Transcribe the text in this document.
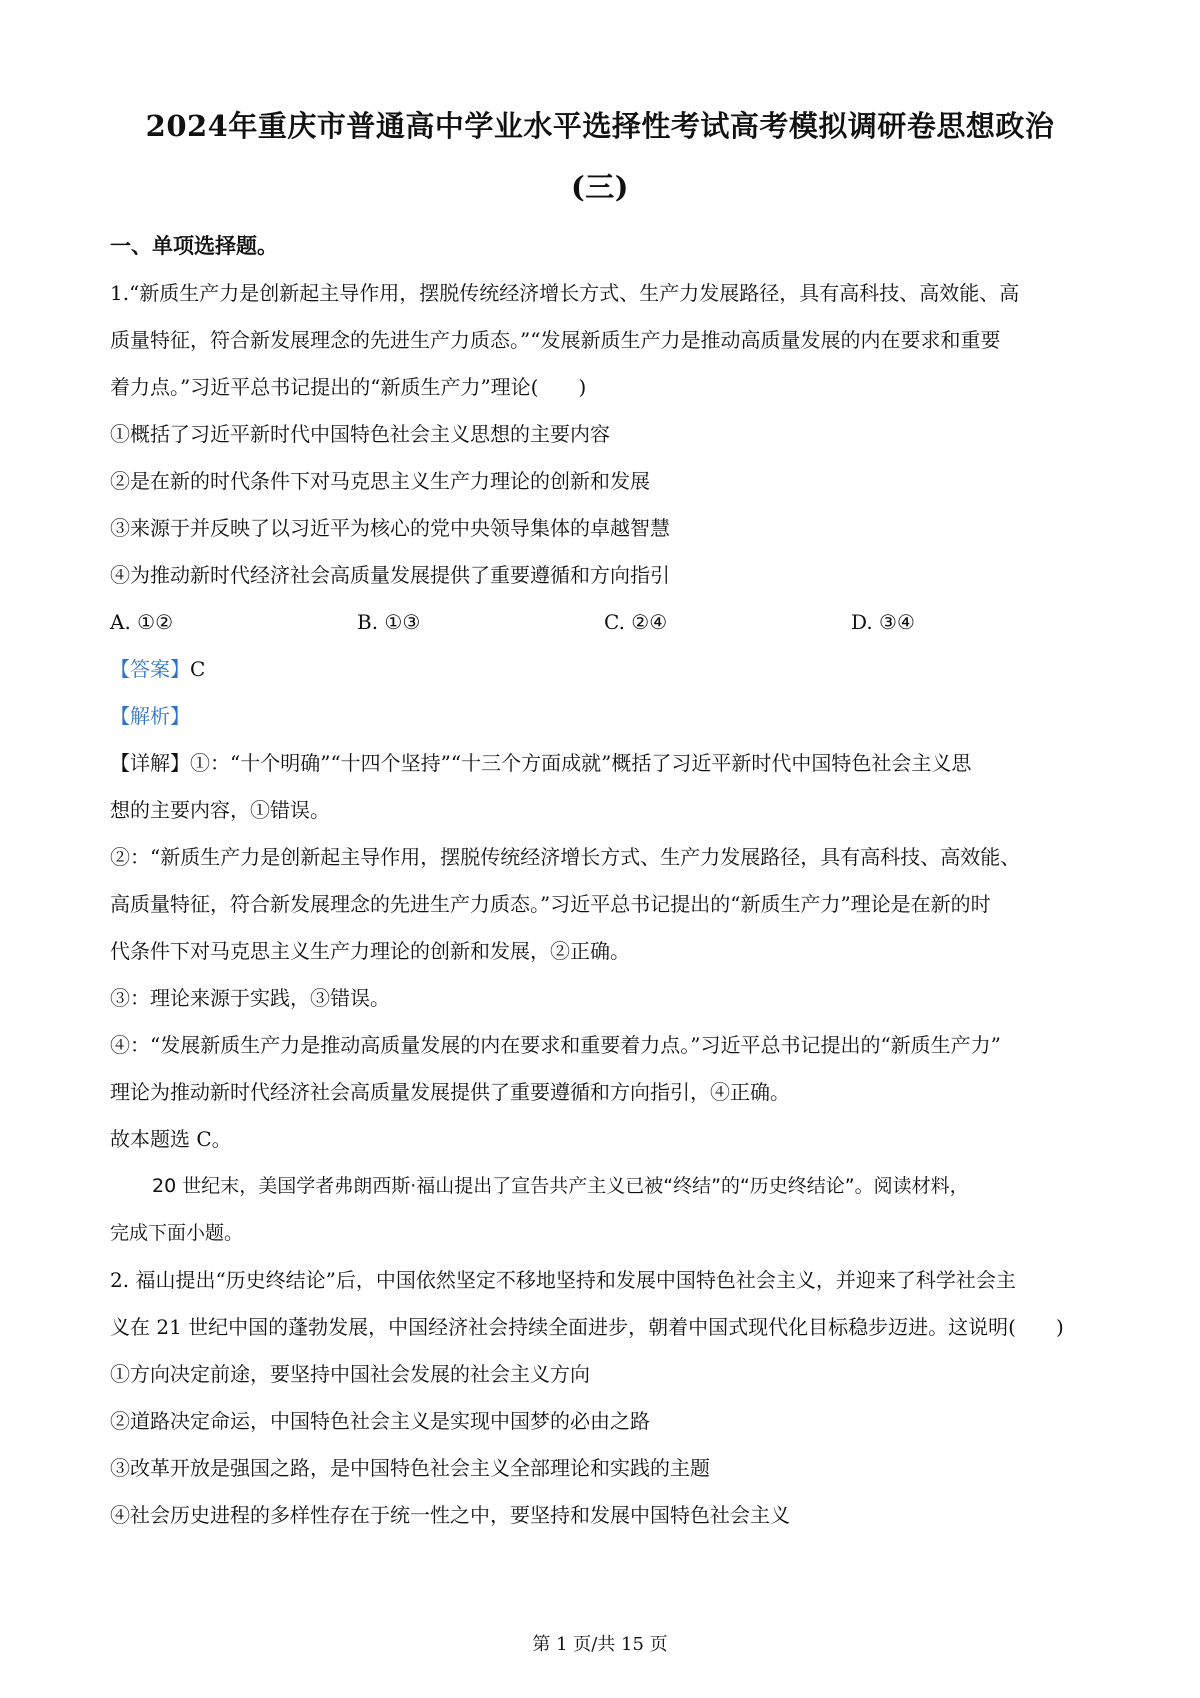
2024年重庆市普通高中学业水平选择性考试高考模拟调研卷思想政治
(三)
一、单项选择题。

1.“新质生产力是创新起主导作用，摆脱传统经济增长方式、生产力发展路径，具有高科技、高效能、高

质量特征，符合新发展理念的先进生产力质态。”“发展新质生产力是推动高质量发展的内在要求和重要

着力点。”习近平总书记提出的“新质生产力”理论(　　)

①概括了习近平新时代中国特色社会主义思想的主要内容

②是在新的时代条件下对马克思主义生产力理论的创新和发展

③来源于并反映了以习近平为核心的党中央领导集体的卓越智慧

④为推动新时代经济社会高质量发展提供了重要遵循和方向指引

A. ①②	B. ①③	C. ②④	D. ③④

【答案】C

【解析】

【详解】①：“十个明确”“十四个坚持”“十三个方面成就”概括了习近平新时代中国特色社会主义思

想的主要内容，①错误。

②：“新质生产力是创新起主导作用，摆脱传统经济增长方式、生产力发展路径，具有高科技、高效能、

高质量特征，符合新发展理念的先进生产力质态。”习近平总书记提出的“新质生产力”理论是在新的时

代条件下对马克思主义生产力理论的创新和发展，②正确。

③：理论来源于实践，③错误。

④：“发展新质生产力是推动高质量发展的内在要求和重要着力点。”习近平总书记提出的“新质生产力”

理论为推动新时代经济社会高质量发展提供了重要遵循和方向指引，④正确。

故本题选 C。

20 世纪末，美国学者弗朗西斯·福山提出了宣告共产主义已被“终结”的“历史终结论”。阅读材料，

完成下面小题。

2. 福山提出“历史终结论”后，中国依然坚定不移地坚持和发展中国特色社会主义，并迎来了科学社会主

义在 21 世纪中国的蓬勃发展，中国经济社会持续全面进步，朝着中国式现代化目标稳步迈进。这说明(　　)

①方向决定前途，要坚持中国社会发展的社会主义方向

②道路决定命运，中国特色社会主义是实现中国梦的必由之路

③改革开放是强国之路，是中国特色社会主义全部理论和实践的主题

④社会历史进程的多样性存在于统一性之中，要坚持和发展中国特色社会主义

第 1 页/共 15 页
